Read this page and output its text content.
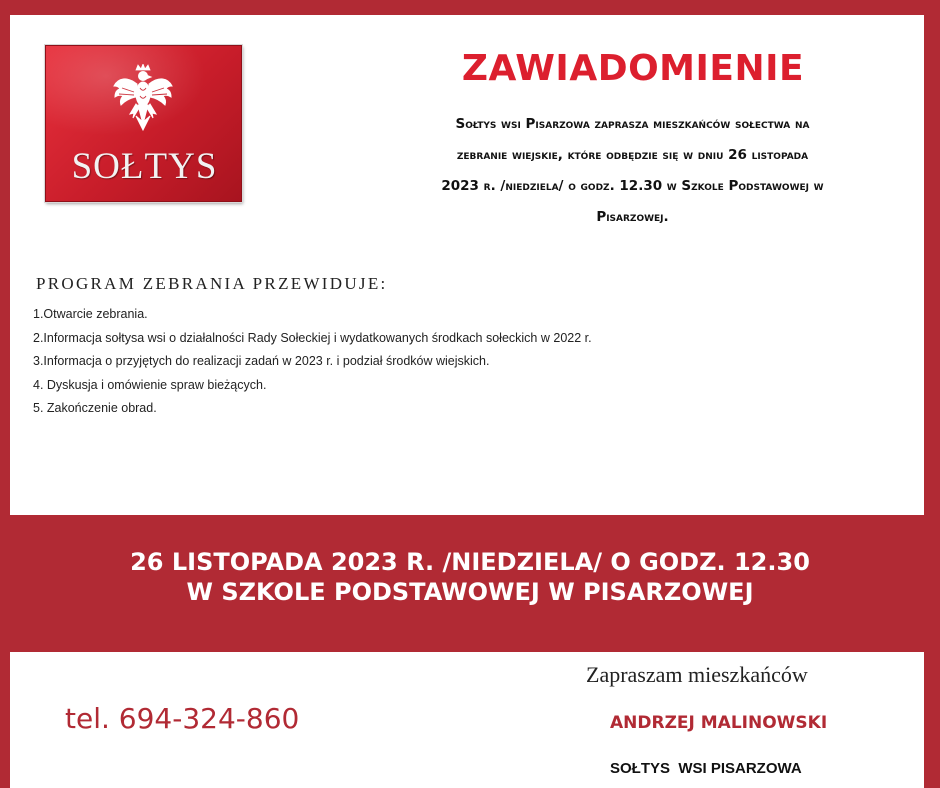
SOŁTYS
ZAWIADOMIENIE
Sołtys wsi Pisarzowa zaprasza mieszkańców sołectwa na
zebranie wiejskie, które odbędzie się w dniu 26 listopada
2023 r. /niedziela/ o godz. 12.30 w Szkole Podstawowej w
Pisarzowej.
PROGRAM ZEBRANIA PRZEWIDUJE:
1.Otwarcie zebrania.
2.Informacja sołtysa wsi o działalności Rady Sołeckiej i wydatkowanych środkach sołeckich w 2022 r.
3.Informacja o przyjętych do realizacji zadań w 2023 r. i podział środków wiejskich.
4. Dyskusja i omówienie spraw bieżących.
5. Zakończenie obrad.
26 LISTOPADA 2023 R. /NIEDZIELA/ O GODZ. 12.30
W SZKOLE PODSTAWOWEJ W PISARZOWEJ
tel. 694-324-860
Zapraszam mieszkańców
ANDRZEJ MALINOWSKI
SOŁTYS  WSI PISARZOWA
